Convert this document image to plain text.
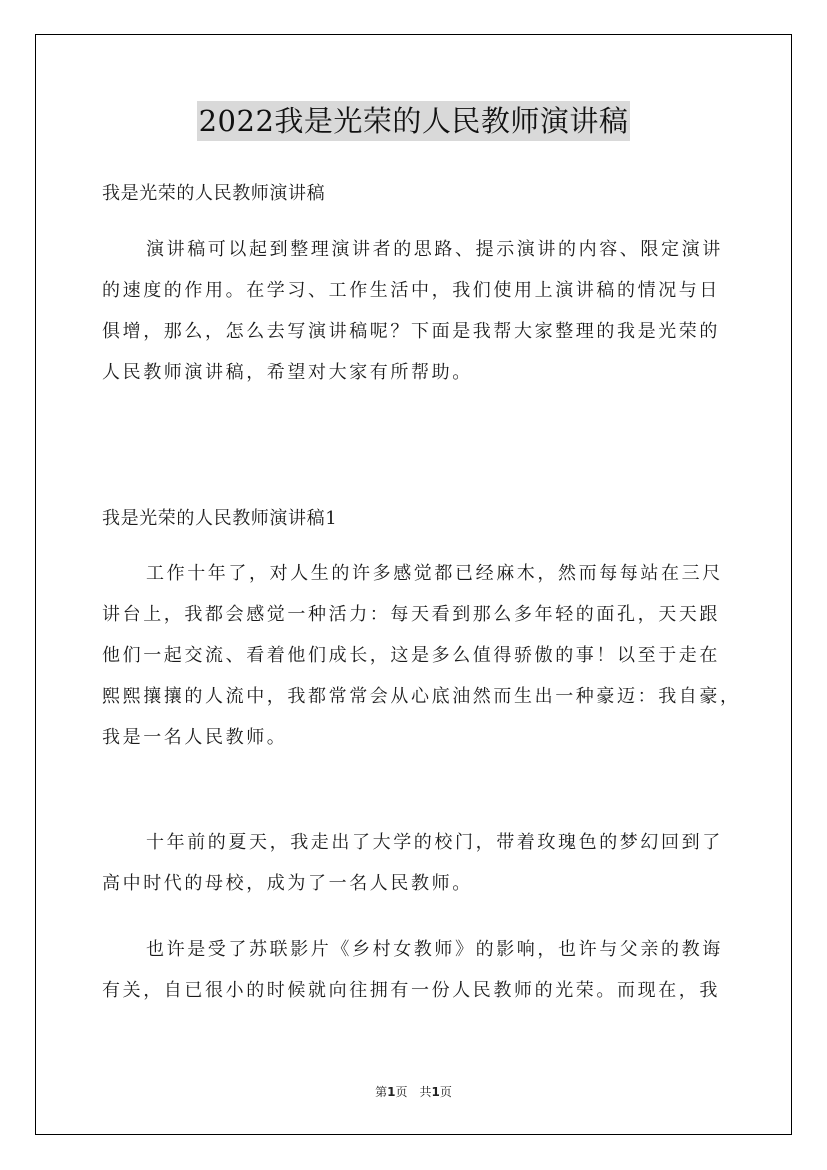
2022我是光荣的人民教师演讲稿

我是光荣的人民教师演讲稿

演讲稿可以起到整理演讲者的思路、提示演讲的内容、限定演讲
的速度的作用。在学习、工作生活中，我们使用上演讲稿的情况与日
俱增，那么，怎么去写演讲稿呢？下面是我帮大家整理的我是光荣的
人民教师演讲稿，希望对大家有所帮助。

我是光荣的人民教师演讲稿1

工作十年了，对人生的许多感觉都已经麻木，然而每每站在三尺
讲台上，我都会感觉一种活力：每天看到那么多年轻的面孔，天天跟
他们一起交流、看着他们成长，这是多么值得骄傲的事！以至于走在
熙熙攘攘的人流中，我都常常会从心底油然而生出一种豪迈：我自豪，
我是一名人民教师。
十年前的夏天，我走出了大学的校门，带着玫瑰色的梦幻回到了
高中时代的母校，成为了一名人民教师。
也许是受了苏联影片《乡村女教师》的影响，也许与父亲的教诲
有关，自已很小的时候就向往拥有一份人民教师的光荣。而现在，我
第1页　共1页
